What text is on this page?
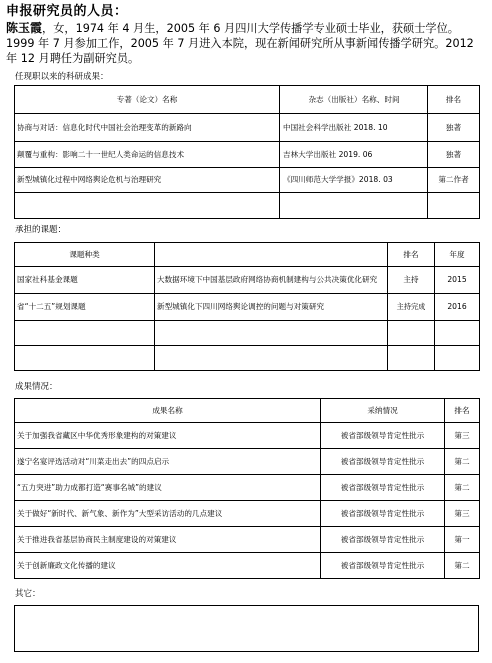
申报研究员的人员：
陈玉霞，女，1974 年 4 月生，2005 年 6 月四川大学传播学专业硕士毕业，获硕士学位。1999 年 7 月参加工作，2005 年 7 月进入本院，现在新闻研究所从事新闻传播学研究。2012 年 12 月聘任为副研究员。
任现职以来的科研成果：
专著（论文）名称	杂志（出版社）名称、时间	排名
协商与对话：信息化时代中国社会治理变革的新路向	中国社会科学出版社 2018. 10	独著
颠覆与重构：影响二十一世纪人类命运的信息技术	吉林大学出版社 2019. 06	独著
新型城镇化过程中网络舆论危机与治理研究	《四川师范大学学报》2018. 03	第二作者

承担的课题：
课题种类		排名	年度
国家社科基金课题	大数据环境下中国基层政府网络协商机制建构与公共决策优化研究	主持	2015
省“十二五”规划课题	新型城镇化下四川网络舆论调控的问题与对策研究	主持完成	2016

成果情况：
成果名称	采纳情况	排名
关于加强我省藏区中华优秀形象建构的对策建议	被省部级领导肯定性批示	第三
遂宁名宴评选活动对“川菜走出去”的四点启示	被省部级领导肯定性批示	第二
“五力突进”助力成都打造“赛事名城”的建议	被省部级领导肯定性批示	第二
关于做好“新时代、新气象、新作为”大型采访活动的几点建议	被省部级领导肯定性批示	第三
关于推进我省基层协商民主制度建设的对策建议	被省部级领导肯定性批示	第一
关于创新廉政文化传播的建议	被省部级领导肯定性批示	第二
其它：
